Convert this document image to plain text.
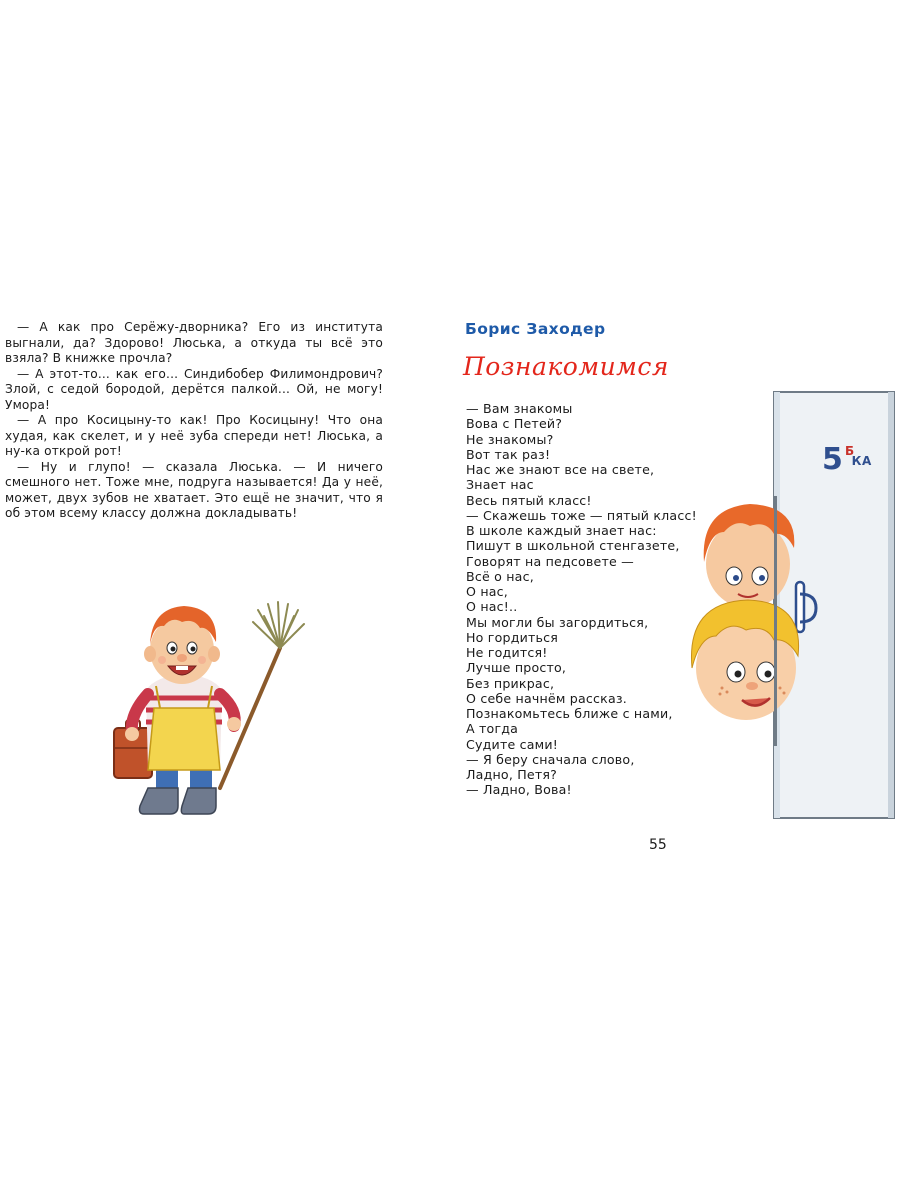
— А как про Серёжу-дворника? Его из института выгнали, да? Здорово! Люська, а откуда ты всё это взяла? В книжке прочла?

— А этот-то... как его... Синдибобер Филимондрович? Злой, с седой бородой, дерётся палкой... Ой, не могу! Умора!

— А про Косицыну-то как! Про Косицыну! Что она худая, как скелет, и у неё зуба спереди нет! Люська, а ну-ка открой рот!

— Ну и глупо! — сказала Люська. — И ничего смешного нет. Тоже мне, подруга называется! Да у неё, может, двух зубов не хватает. Это ещё не значит, что я об этом всему классу должна докладывать!

Борис Заходер
Познакомимся
— Вам знакомы
Вова с Петей?
Не знакомы?
Вот так раз!
Нас же знают все на свете,
Знает нас
Весь пятый класс!
— Скажешь тоже — пятый класс!
В школе каждый знает нас:
Пишут в школьной стенгазете,
Говорят на педсовете —
Всё о нас,
О нас,
О нас!..
Мы могли бы загордиться,
Но гордиться
Не годится!
Лучше просто,
Без прикрас,
О себе начнём рассказ.
Познакомьтесь ближе с нами,
А тогда
Судите сами!
— Я беру сначала слово,
Ладно, Петя?
— Ладно, Вова!
55
5 БКА
